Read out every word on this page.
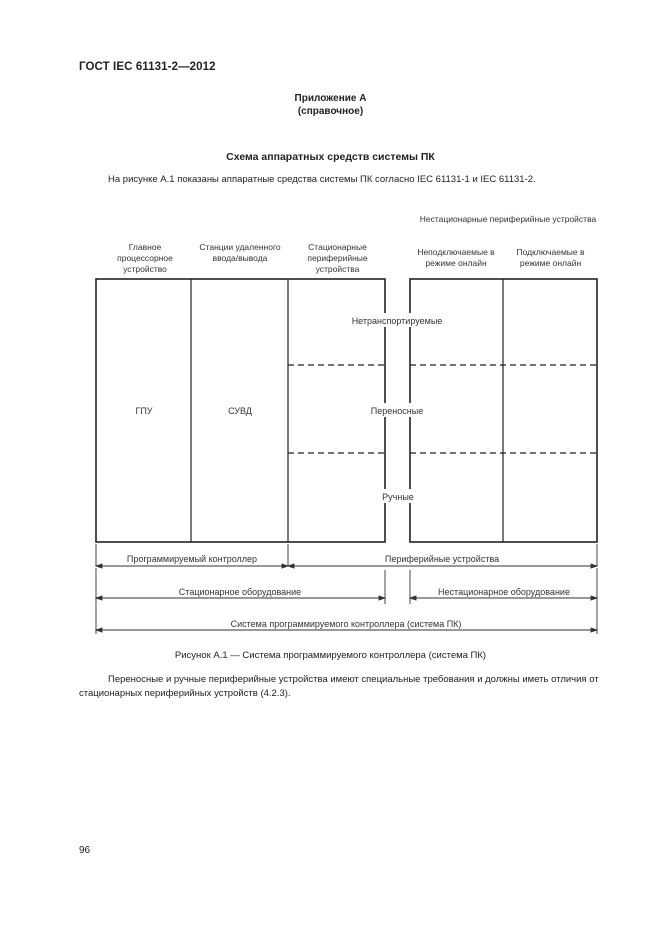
ГОСТ IEC 61131-2—2012
Приложение А
(справочное)
Схема аппаратных средств системы ПК
На рисунке А.1 показаны аппаратные средства системы ПК согласно IEC 61131-1 и IEC 61131-2.
Нестационарные периферийные устройства
Главное процессорное устройство
Станции удаленного ввода/вывода
Стационарные периферийные устройства
Неподключаемые в режиме онлайн
Подключаемые в режиме онлайн
Нетранспортируемые
Переносные
Ручные
ГПУ	СУВД
Программируемый контроллер	Периферийные устройства
Стационарное оборудование	Нестационарное оборудование
Система программируемого контроллера (система ПК)
Рисунок А.1 — Система программируемого контроллера (система ПК)
Переносные и ручные периферийные устройства имеют специальные требования и должны иметь отличия от стационарных периферийных устройств (4.2.3).
96
